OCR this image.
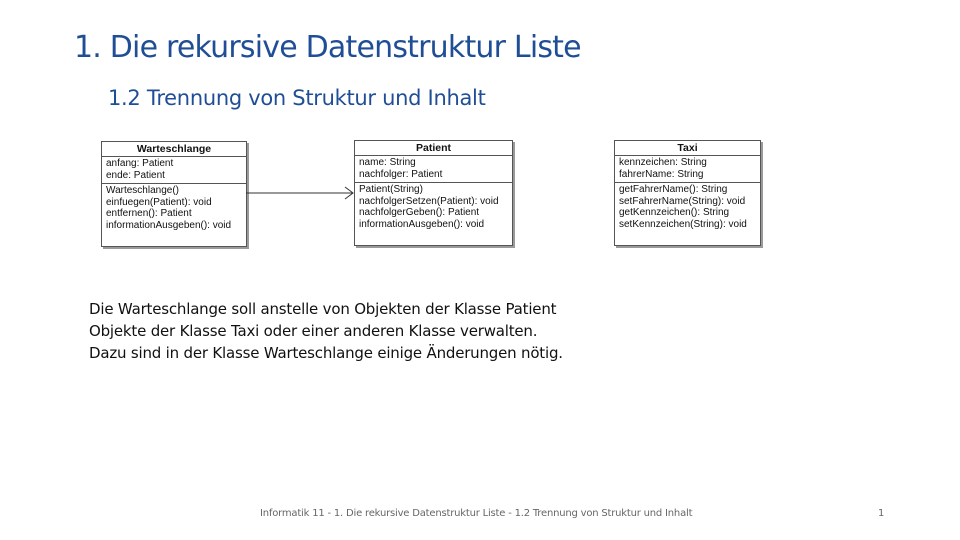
1. Die rekursive Datenstruktur Liste
1.2 Trennung von Struktur und Inhalt
Warteschlange
anfang: Patient
ende: Patient
Warteschlange()
einfuegen(Patient): void
entfernen(): Patient
informationAusgeben(): void
Patient
name: String
nachfolger: Patient
Patient(String)
nachfolgerSetzen(Patient): void
nachfolgerGeben(): Patient
informationAusgeben(): void
Taxi
kennzeichen: String
fahrerName: String
getFahrerName(): String
setFahrerName(String): void
getKennzeichen(): String
setKennzeichen(String): void
Die Warteschlange soll anstelle von Objekten der Klasse Patient
Objekte der Klasse Taxi oder einer anderen Klasse verwalten.
Dazu sind in der Klasse Warteschlange einige Änderungen nötig.
Informatik 11 - 1. Die rekursive Datenstruktur Liste - 1.2 Trennung von Struktur und Inhalt	1
